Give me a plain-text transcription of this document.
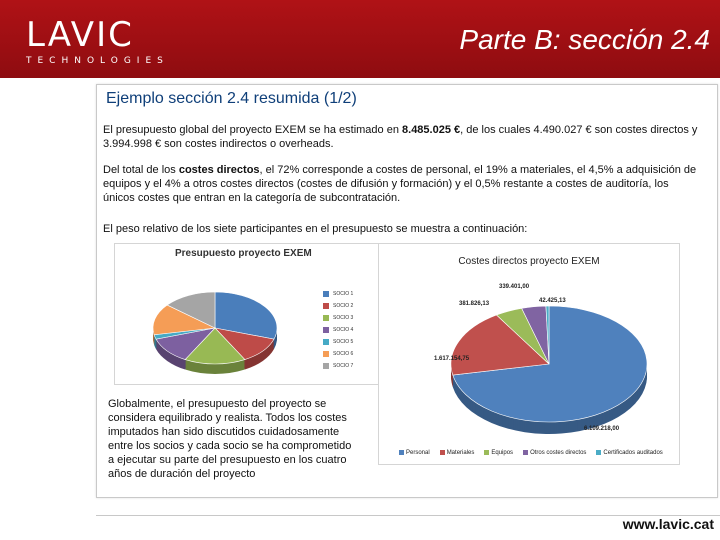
LAVIC
TECHNOLOGIES
Parte B: sección 2.4
Ejemplo sección 2.4 resumida (1/2)
El presupuesto global del proyecto EXEM se ha estimado en 8.485.025 €, de los cuales 4.490.027 € son costes directos y 3.994.998 € son costes indirectos o overheads.
Del total de los costes directos, el 72% corresponde a costes de personal, el 19% a materiales, el 4,5% a adquisición de equipos y el 4% a otros costes directos (costes de difusión y formación) y el 0,5% restante a costes de auditoría, los únicos costes que entran en la categoría de subcontratación.
El peso relativo de los siete participantes en el presupuesto se muestra a continuación:
Presupuesto proyecto EXEM
SOCIO 1
SOCIO 2
SOCIO 3
SOCIO 4
SOCIO 5
SOCIO 6
SOCIO 7
Costes directos proyecto EXEM
Personal	Materiales	Equipos	Otros costes directos	Certificados auditados
6.109.218,00
1.617.154,75
381.826,13
339.401,00
42.425,13
Globalmente, el presupuesto del proyecto se considera equilibrado y realista. Todos los costes imputados han sido discutidos cuidadosamente entre los socios y cada socio se ha comprometido a ejecutar su parte del presupuesto en los cuatro años de duración del proyecto
www.lavic.cat
